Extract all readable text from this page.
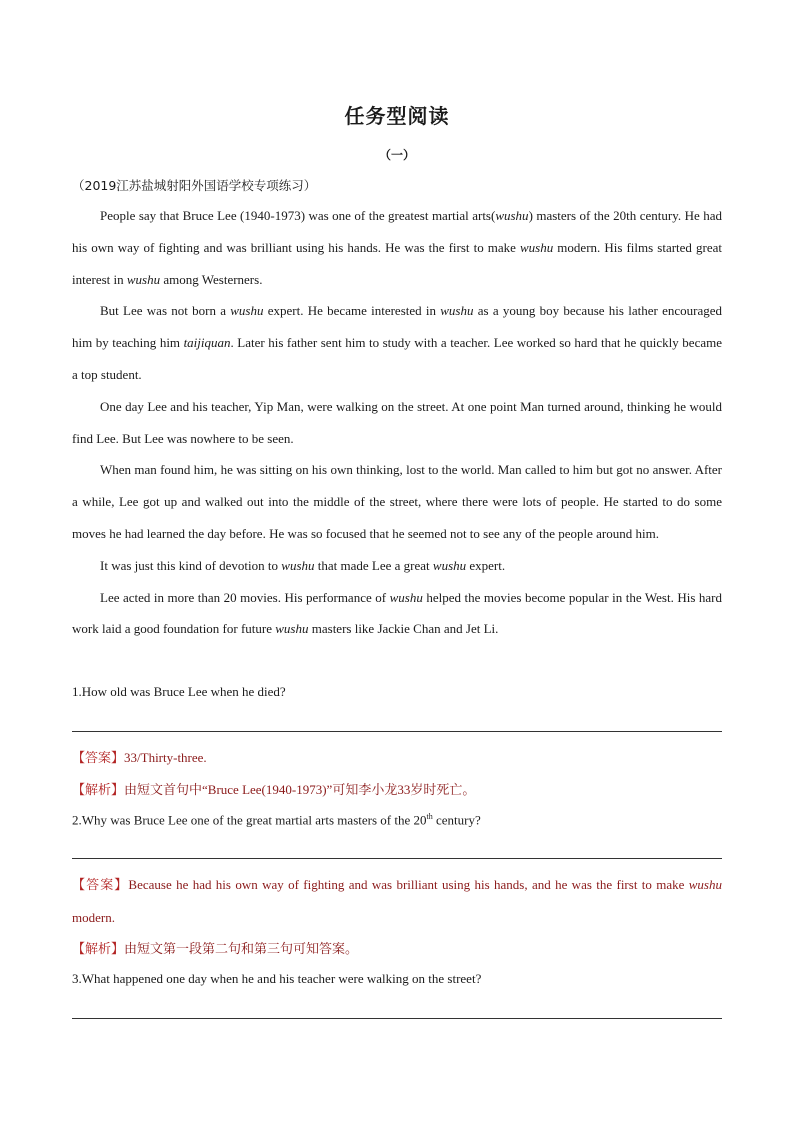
任务型阅读
（一）
（2019江苏盐城射阳外国语学校专项练习）

People say that Bruce Lee (1940-1973) was one of the greatest martial arts(wushu) masters of the 20th century. He had his own way of fighting and was brilliant using his hands. He was the first to make wushu modern. His films started great interest in wushu among Westerners.

But Lee was not born a wushu expert. He became interested in wushu as a young boy because his lather encouraged him by teaching him taijiquan. Later his father sent him to study with a teacher. Lee worked so hard that he quickly became a top student.

One day Lee and his teacher, Yip Man, were walking on the street. At one point Man turned around, thinking he would find Lee. But Lee was nowhere to be seen.

When man found him, he was sitting on his own thinking, lost to the world. Man called to him but got no answer. After a while, Lee got up and walked out into the middle of the street, where there were lots of people. He started to do some moves he had learned the day before. He was so focused that he seemed not to see any of the people around him.

It was just this kind of devotion to wushu that made Lee a great wushu expert.

Lee acted in more than 20 movies. His performance of wushu helped the movies become popular in the West. His hard work laid a good foundation for future wushu masters like Jackie Chan and Jet Li.

1.How old was Bruce Lee when he died?
【答案】33/Thirty-three.
【解析】由短文首句中“Bruce Lee(1940-1973)”可知李小龙33岁时死亡。
2.Why was Bruce Lee one of the great martial arts masters of the 20th century?
【答案】Because he had his own way of fighting and was brilliant using his hands, and he was the first to make wushu modern.
【解析】由短文第一段第二句和第三句可知答案。
3.What happened one day when he and his teacher were walking on the street?
